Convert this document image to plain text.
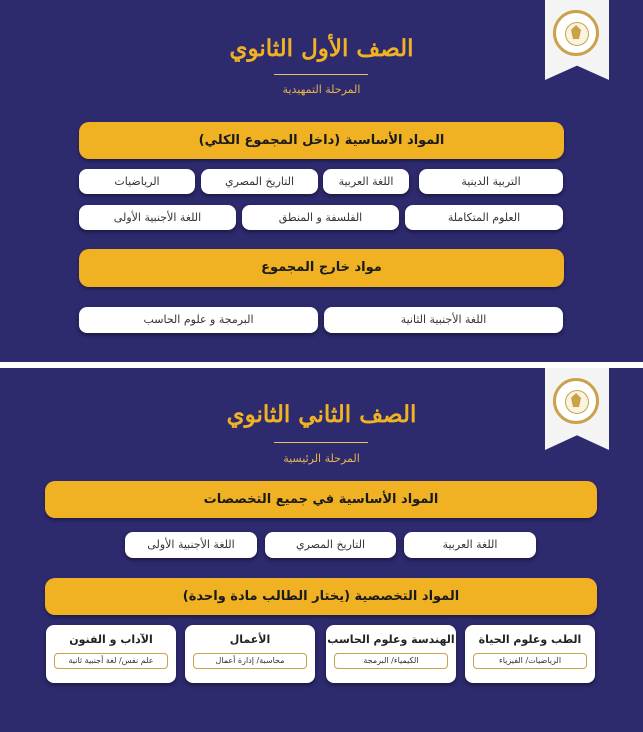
الصف الأول الثانوي
المرحلة التمهيدية
المواد الأساسية (داخل المجموع الكلي)
التربية الدينية
اللغة العربية
التاريخ المصري
الرياضيات
العلوم المتكاملة
الفلسفة و المنطق
اللغة الأجنبية الأولى
مواد خارج المجموع
اللغة الأجنبية الثانية
البرمجة و علوم الحاسب
الصف الثاني الثانوي
المرحلة الرئيسية
المواد الأساسية في جميع التخصصات
اللغة العربية
التاريخ المصري
اللغة الأجنبية الأولى
المواد التخصصية (يختار الطالب مادة واحدة)
الطب وعلوم الحياة
الرياضيات/ الفيزياء
الهندسة وعلوم الحاسب
الكيمياء/ البرمجة
الأعمال
محاسبة/ إدارة أعمال
الآداب و الفنون
علم نفس/ لغة أجنبية ثانية
